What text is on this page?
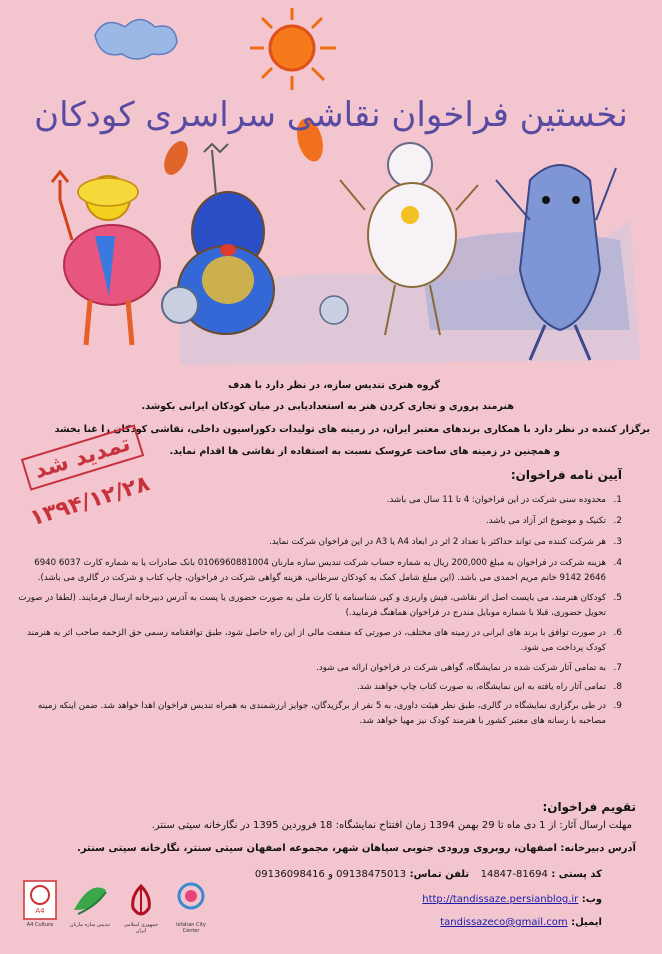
نخستین فراخوان نقاشی سراسری کودکان
گروه هنری تندیس سازه، در نظر دارد با هدف
هنرمند پروری و تجاری کردن هنر به استعدادیابی در میان کودکان ایرانی بکوشد.
برگزار کننده در نظر دارد با همکاری برندهای معتبر ایران، در زمینه های تولیدات دکوراسیون داخلی، نقاشی کودکان را غنا بخشد
و همچنین در زمینه های ساخت عروسک نسبت به استفاده از نقاشی ها اقدام نماید.
تمدید شد
۱۳۹۴/۱۲/۲۸	آیین نامه فراخوان:
1.
محدوده سنی شرکت در این فراخوان: 4 تا 11 سال می باشد.
2.
تکنیک و موضوع اثر آزاد می باشد.
3.
هر شرکت کننده می تواند حداکثر با تعداد 2 اثر در ابعاد A4 یا A3 در این فراخوان شرکت نماید.
4.
هزینه شرکت در فراخوان به مبلغ 200,000 ریال به شماره حساب شرکت تندیس سازه مارنان 0106960881004 بانک صادرات یا به شماره کارت 6037 6940 2646 9142 خانم مریم احمدی می باشد. (این مبلغ شامل کمک به کودکان سرطانی، هزینه گواهی شرکت در فراخوان، چاپ کتاب و شرکت در گالری می باشد).
5.
کودکان هنرمند، می بایست اصل اثر نقاشی، فیش واریزی و کپی شناسنامه یا کارت ملی به صورت حضوری یا پست به آدرس دبیرخانه ارسال فرمایند. (لطفا در صورت تحویل حضوری، قبلا با شماره موبایل مندرج در فراخوان هماهنگ فرمایید.)
6.
در صورت توافق با برند های ایرانی در زمینه های مختلف، در صورتی که منفعت مالی از این راه حاصل شود، طبق توافقنامه رسمی حق الزحمه صاحب اثر به هنرمند کودک پرداخت می شود.
7.
به تمامی آثار شرکت شده در نمایشگاه، گواهی شرکت در فراخوان ارائه می شود.
8.
تمامی آثار راه یافته به این نمایشگاه، به صورت کتاب چاپ خواهند شد.
9.
در طی برگزاری نمایشگاه در گالری، طبق نظر هیئت داوری، به 5 نفر از برگزیدگان، جوایز ارزشمندی به همراه تندیس فراخوان اهدا خواهد شد. ضمن اینکه زمینه مصاحبه با رسانه های معتبر کشور با هنرمند کودک نیز مهیا خواهد شد.
تقویم فراخوان:
مهلت ارسال آثار: از 1 دی ماه تا 29 بهمن 1394 زمان افتتاح نمایشگاه: 18 فروردین 1395 در نگارخانه سیتی سنتر.
آدرس دبیرخانه: اصفهان، روبروی ورودی جنوبی سپاهان شهر، مجموعه اصفهان سیتی سنتر، نگارخانه سیتی سنتر.
کد پستی : 81694-14847 تلفن تماس: 09138475013 و 09136098416
وب: http://tandissaze.persianblog.ir
ایمیل: tandissazeco@gmail.com
A4
A4 Culture	تندیس سازه مارنان	جمهوری اسلامی ایران
Isfahan City Center
